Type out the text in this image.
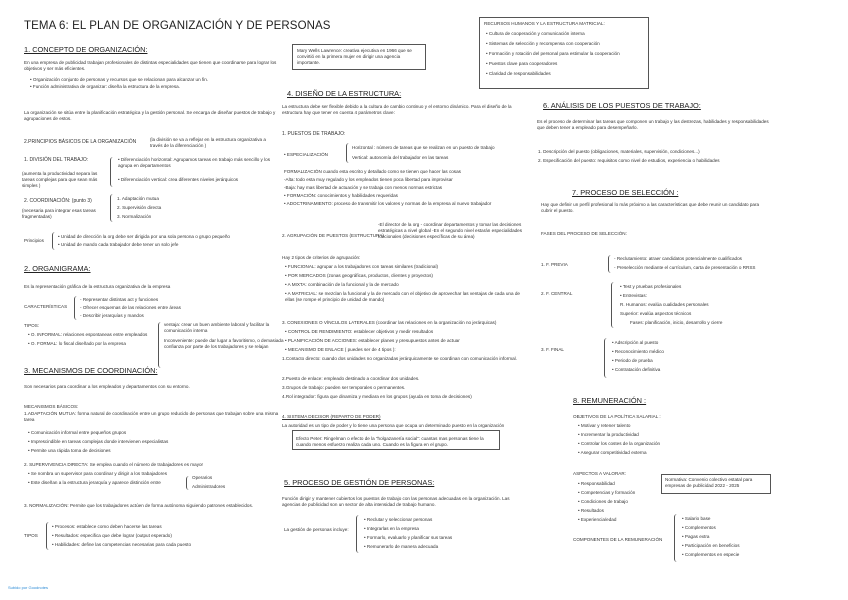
TEMA 6: EL PLAN DE ORGANIZACIÓN Y DE PERSONAS
1. CONCEPTO DE ORGANIZACIÓN:
En una empresa de publicidad trabajan profesionales de distintas especialidades que tienen que coordinarse para lograr los objetivos y ser más eficientes.
• Organización conjunto de personas y recursos que se relacionan para alcanzar un fin.
• Función administrativa de organizar: diseña la estructura de la empresa.
La organización se sitúa entre la planificación estratégica y la gestión personal. Se encarga de diseñar puestos de trabajo y agrupaciones de estos.
2.PRINCIPIOS BÁSICOS DE LA ORGANIZACIÓN	(la división se va a reflejar en la estructura organizativa a través de la diferenciación )
1. DIVISIÓN DEL TRABAJO:
(aumenta la productividad separa las tareas complejas para que sean más simples )
• Diferenciación horizontal: Agrupamos tareas en trabajo más sencillo y los agrupa en departamentos
• Diferenciación vertical: crea diferentes niveles jerárquicos
2. COORDINACIÓN: (punto 3)
(necesaria para integrar esas tareas fragmentadas)
1. Adaptación mutua
2. Supervisión directa
3. Normalización
Principios
• Unidad de dirección la org debe ser dirigida por una sola persona o grupo pequeño
• Unidad de mando cada trabajador debe tener un solo jefe
2. ORGANIGRAMA:
Es la representación gráfica de la estructura organizativa de la empresa
CARACTERÍSTICAS
- Representar distintas act y funciones
- Ofrecer esquemas de las relaciones entre áreas
- Describir jerarquías y mandos
TIPOS:
• O. INFORMAL: relaciones espontaneas entre empleados
• O. FORMAL: lo fiscal diseñado por la empresa
ventaja: crear un buen ambiente laboral y facilitar la comunicación interna
Inconveniente: puede dar lugar a favoritismo, o demasiada confianza por parte de los trabajadores y se relajan
3. MECANISMOS DE COORDINACIÓN:
Son necesarios para coordinar a los empleados y departamentos con su entorno.
MECANISMOS BÁSICOS:
1.ADAPTACIÓN MUTUA: forma natural de coordinación entre un grupo reducido de personas que trabajan sobre una misma tarea
• Comunicación informal entre pequeños grupos
• Imprescindible en tareas complejas donde intervienen especialistas
• Permite una rápida toma de decisiones
2. SUPERVIVENCIA DIRECTA: Se emplea cuando el número de trabajadores es mayor
• Se nombra un supervisor para coordinar y dirigir a los trabajadores
• Este diseñan a la estructura jerarquía y aparece distinción entre
Operarios
Administradores
3. NORMALIZACIÓN: Permite que los trabajadores actúen de forma autónoma siguiendo patrones establecidos.
TIPOS
• Procesos: establece como deben hacerse las tareas
• Resultados: especifica que debe lograr (output esperado)
• Habilidades: define las competencias necesarias para cada puesto
Mary Wells Lawrence: creativa ejecutiva en 1966 que se convirtió en la primera mujer en dirigir una agencia importante.
4. DISEÑO DE LA ESTRUCTURA:
La estructura debe ser flexible debido a la cultura de cambio continuo y el entorno dinámico. Para el diseño de la estructura hay que tener en cuenta 4 parámetros clave:
1. PUESTOS DE TRABAJO:
• ESPECIALIZACIÓN
Horizontal : número de tareas que se realizan en un puesto de trabajo
Vertical: autonomía del trabajador en las tareas
FORMALIZACIÓN cuando esta escrito y detallado como se tienen que hacer las cosas
-Alta: todo esta muy regulado y los empleados tienen poca libertad para improvisar
-Baja: hay mas libertad de actuación y se trabaja con menos normas estrictas
• FORMACIÓN: conocimientos y habilidades requeridas
• ADOCTRINAMIENTO: proceso de transmitir los valores y normas de la empresa al nuevo trabajador
2. AGRUPACIÓN DE PUESTOS (ESTRUCTURA)
-El director de la org - coordinar departamentos y tomar las decisiones estratégicas a nivel global -En el segundo nivel estarán especialidades funcionales (decisiones específicas de su área)
Hay 2 tipos de criterios de agrupación:
• FUNCIONAL: agrupar a los trabajadores con tareas similares (tradicional)
• POR MERCADOS (zonas geográficas, productos, clientes y proyectos)
• A MIXTA: combinación de la funcional y la de mercado
• A MATRICIAL: se mezclan la funcional y la de mercado con el objetivo de aprovechar las ventajas de cada una de ellas (se rompe el principio de unidad de mando)
3. CONEXIONES O VÍNCULOS LATERALES (coordinar las relaciones en la organización no jerárquicas)
• CONTROL DE RENDIMIENTO: establecer objetivos y medir resultados
• PLANIFICACIÓN DE ACCIONES: establecer planes y presupuestos antes de actuar
• MECANISMO DE ENLACE ( puedes ser de 4 tipos ):
1.Contacto directo: cuando dos unidades no organizadas jerárquicamente se coordinan con comunicación informal.
2.Puesto de enlace: empleado destinado a coordinar dos unidades.
3.Grupos de trabajo: pueden ser temporales o permanentes.
4.Rol integrador: figura que dinamiza y mediara en los grupos (ayuda en toma de decisiones)
4. SISTEMA DECISOR (REPARTO DE PODER)
La autoridad es un tipo de poder y lo tiene una persona que ocupa un determinado puesto en la organización
Efecto Peter: Ringelman o efecto de la "holgazanería social": cuantas mas personas tiene la cuando menos esfuerzo realiza cada uno. Cuando es la figura en el grupo.
5. PROCESO DE GESTIÓN DE PERSONAS:
Función dirigir y mantener cubiertos los puestos de trabajo con las personas adecuadas en la organización. Las agencias de publicidad son un sector de alta intensidad de trabajo humano.
La gestión de personas incluye:
• Reclutar y seleccionar personas
• Integrarlas en la empresa
• Formarlo, evaluarlo y planificar sus tareas
• Remunerarlo de manera adecuada
RECURSOS HUMANOS Y LA ESTRUCTURA MATRICIAL:
• Cultura de cooperación y comunicación interna
• Sistemas de selección y recompensa con cooperación
• Formación y rotación del personal para estimular la cooperación
• Puestos clave para cooperadores
• Claridad de responsabilidades
6. ANÁLISIS DE LOS PUESTOS DE TRABAJO:
Es el proceso de determinar las tareas que componen un trabajo y las destrezas, habilidades y responsabilidades que deben tener a empleado para desempeñarlo.
1. Descripción del puesto (obligaciones, materiales, supervisión, condiciones...)
2. Especificación del puesto: requisitos como nivel de estudios, experiencia o habilidades
7. PROCESO DE SELECCIÓN :
Hay que definir un perfil profesional lo más próximo a las características que debe reunir un candidato para cubrir el puesto.
FASES DEL PROCESO DE SELECCIÓN:
1. F. PREVIA
- Reclutamiento: atraer candidatos potencialmente cualificados
- Preselección mediante el currículum, carta de presentación o RRSS
2. F. CENTRAL
• Test y pruebas profesionales
• Entrevistas:
R. Humanos: evalúa cualidades personales
Superior: evalúa aspectos técnicos
Fases: planificación, inicio, desarrollo y cierre
3. F. FINAL
• Adscripción al puesto
• Reconocimiento médico
• Periodo de prueba
• Contratación definitiva
8. REMUNERACIÓN :
OBJETIVOS DE LA POLÍTICA SALARIAL :
• Motivar y retener talento
• Incrementar la productividad
• Controlar los costes de la organización
• Asegurar competitividad externa
ASPECTOS A VALORAR:
• Responsabilidad
• Competencias y formación
• Condiciones de trabajo
• Resultados
• Experiencia/edad
Normativa: Convenio colectivo estatal para empresas de publicidad 2022 - 2025
COMPONENTES DE LA REMUNERACIÓN
• Salario base
• Complementos
• Pagas extra
• Participación en beneficios
• Complementos en especie
Subido por Goodnotes
